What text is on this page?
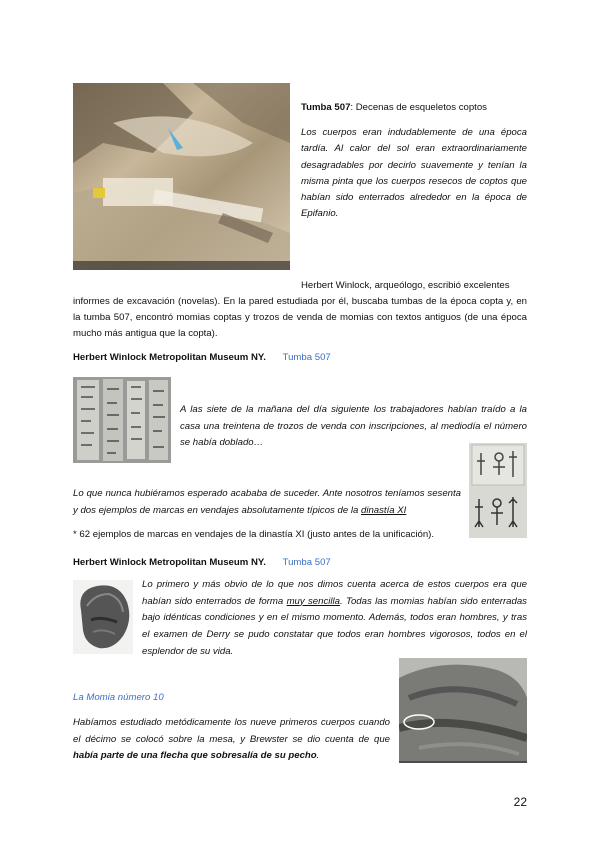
Tumba 507: Decenas de esqueletos coptos

Los cuerpos eran indudablemente de una época tardía. Al calor del sol eran extraordinariamente desagradables por decirlo suavemente y tenían la misma pinta que los cuerpos resecos de coptos que habían sido enterrados alrededor en la época de Epifanio.

Herbert Winlock, arqueólogo, escribió excelentes

informes de excavación (novelas). En la pared estudiada por él, buscaba tumbas de la época copta y, en la tumba 507, encontró momias coptas y trozos de venda de momias con textos antiguos (de una época mucho más antigua que la copta).

Herbert Winlock Metropolitan Museum NY. Tumba 507

A las siete de la mañana del día siguiente los trabajadores habían traído a la casa una treintena de trozos de venda con inscripciones, al mediodía el número se había doblado…

Lo que nunca hubiéramos esperado acababa de suceder. Ante nosotros teníamos sesenta y dos ejemplos de marcas en vendajes absolutamente típicos de la dinastía XI

* 62 ejemplos de marcas en vendajes de la dinastía XI (justo antes de la unificación).

Herbert Winlock Metropolitan Museum NY. Tumba 507

Lo primero y más obvio de lo que nos dimos cuenta acerca de estos cuerpos era que habían sido enterrados de forma muy sencilla. Todas las momias habían sido enterradas bajo idénticas condiciones y en el mismo momento. Además, todos eran hombres, y tras el examen de Derry se pudo constatar que todos eran hombres vigorosos, todos en el esplendor de su vida.

La Momia número 10

Habíamos estudiado metódicamente los nueve primeros cuerpos cuando el décimo se colocó sobre la mesa, y Brewster se dio cuenta de que había parte de una flecha que sobresalía de su pecho.

22
